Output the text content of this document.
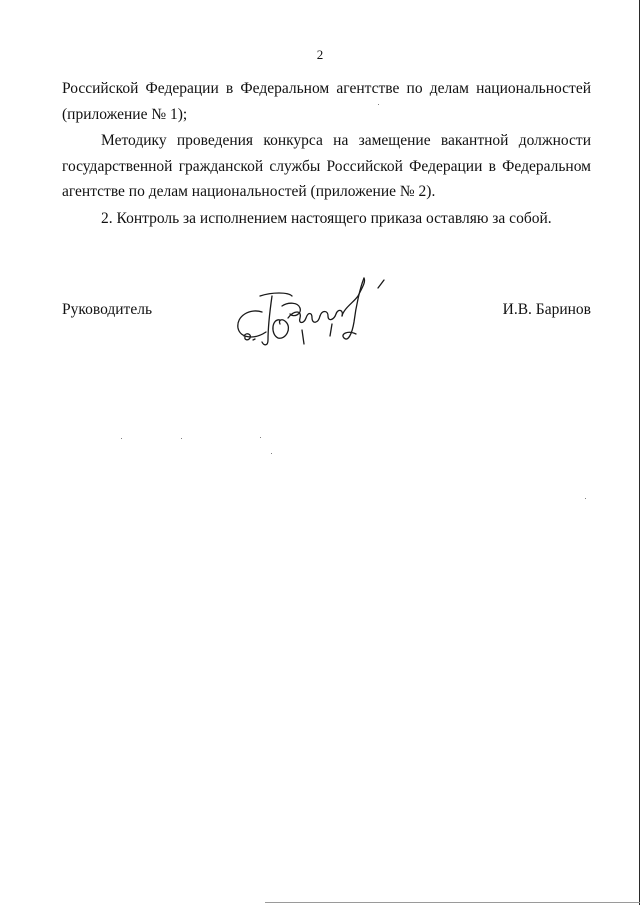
2

Российской Федерации в Федеральном агентстве по делам национальностей (приложение № 1);

Методику проведения конкурса на замещение вакантной должности государственной гражданской службы Российской Федерации в Федеральном агентстве по делам национальностей (приложение № 2).

2. Контроль за исполнением настоящего приказа оставляю за собой.

Руководитель	И.В. Баринов
